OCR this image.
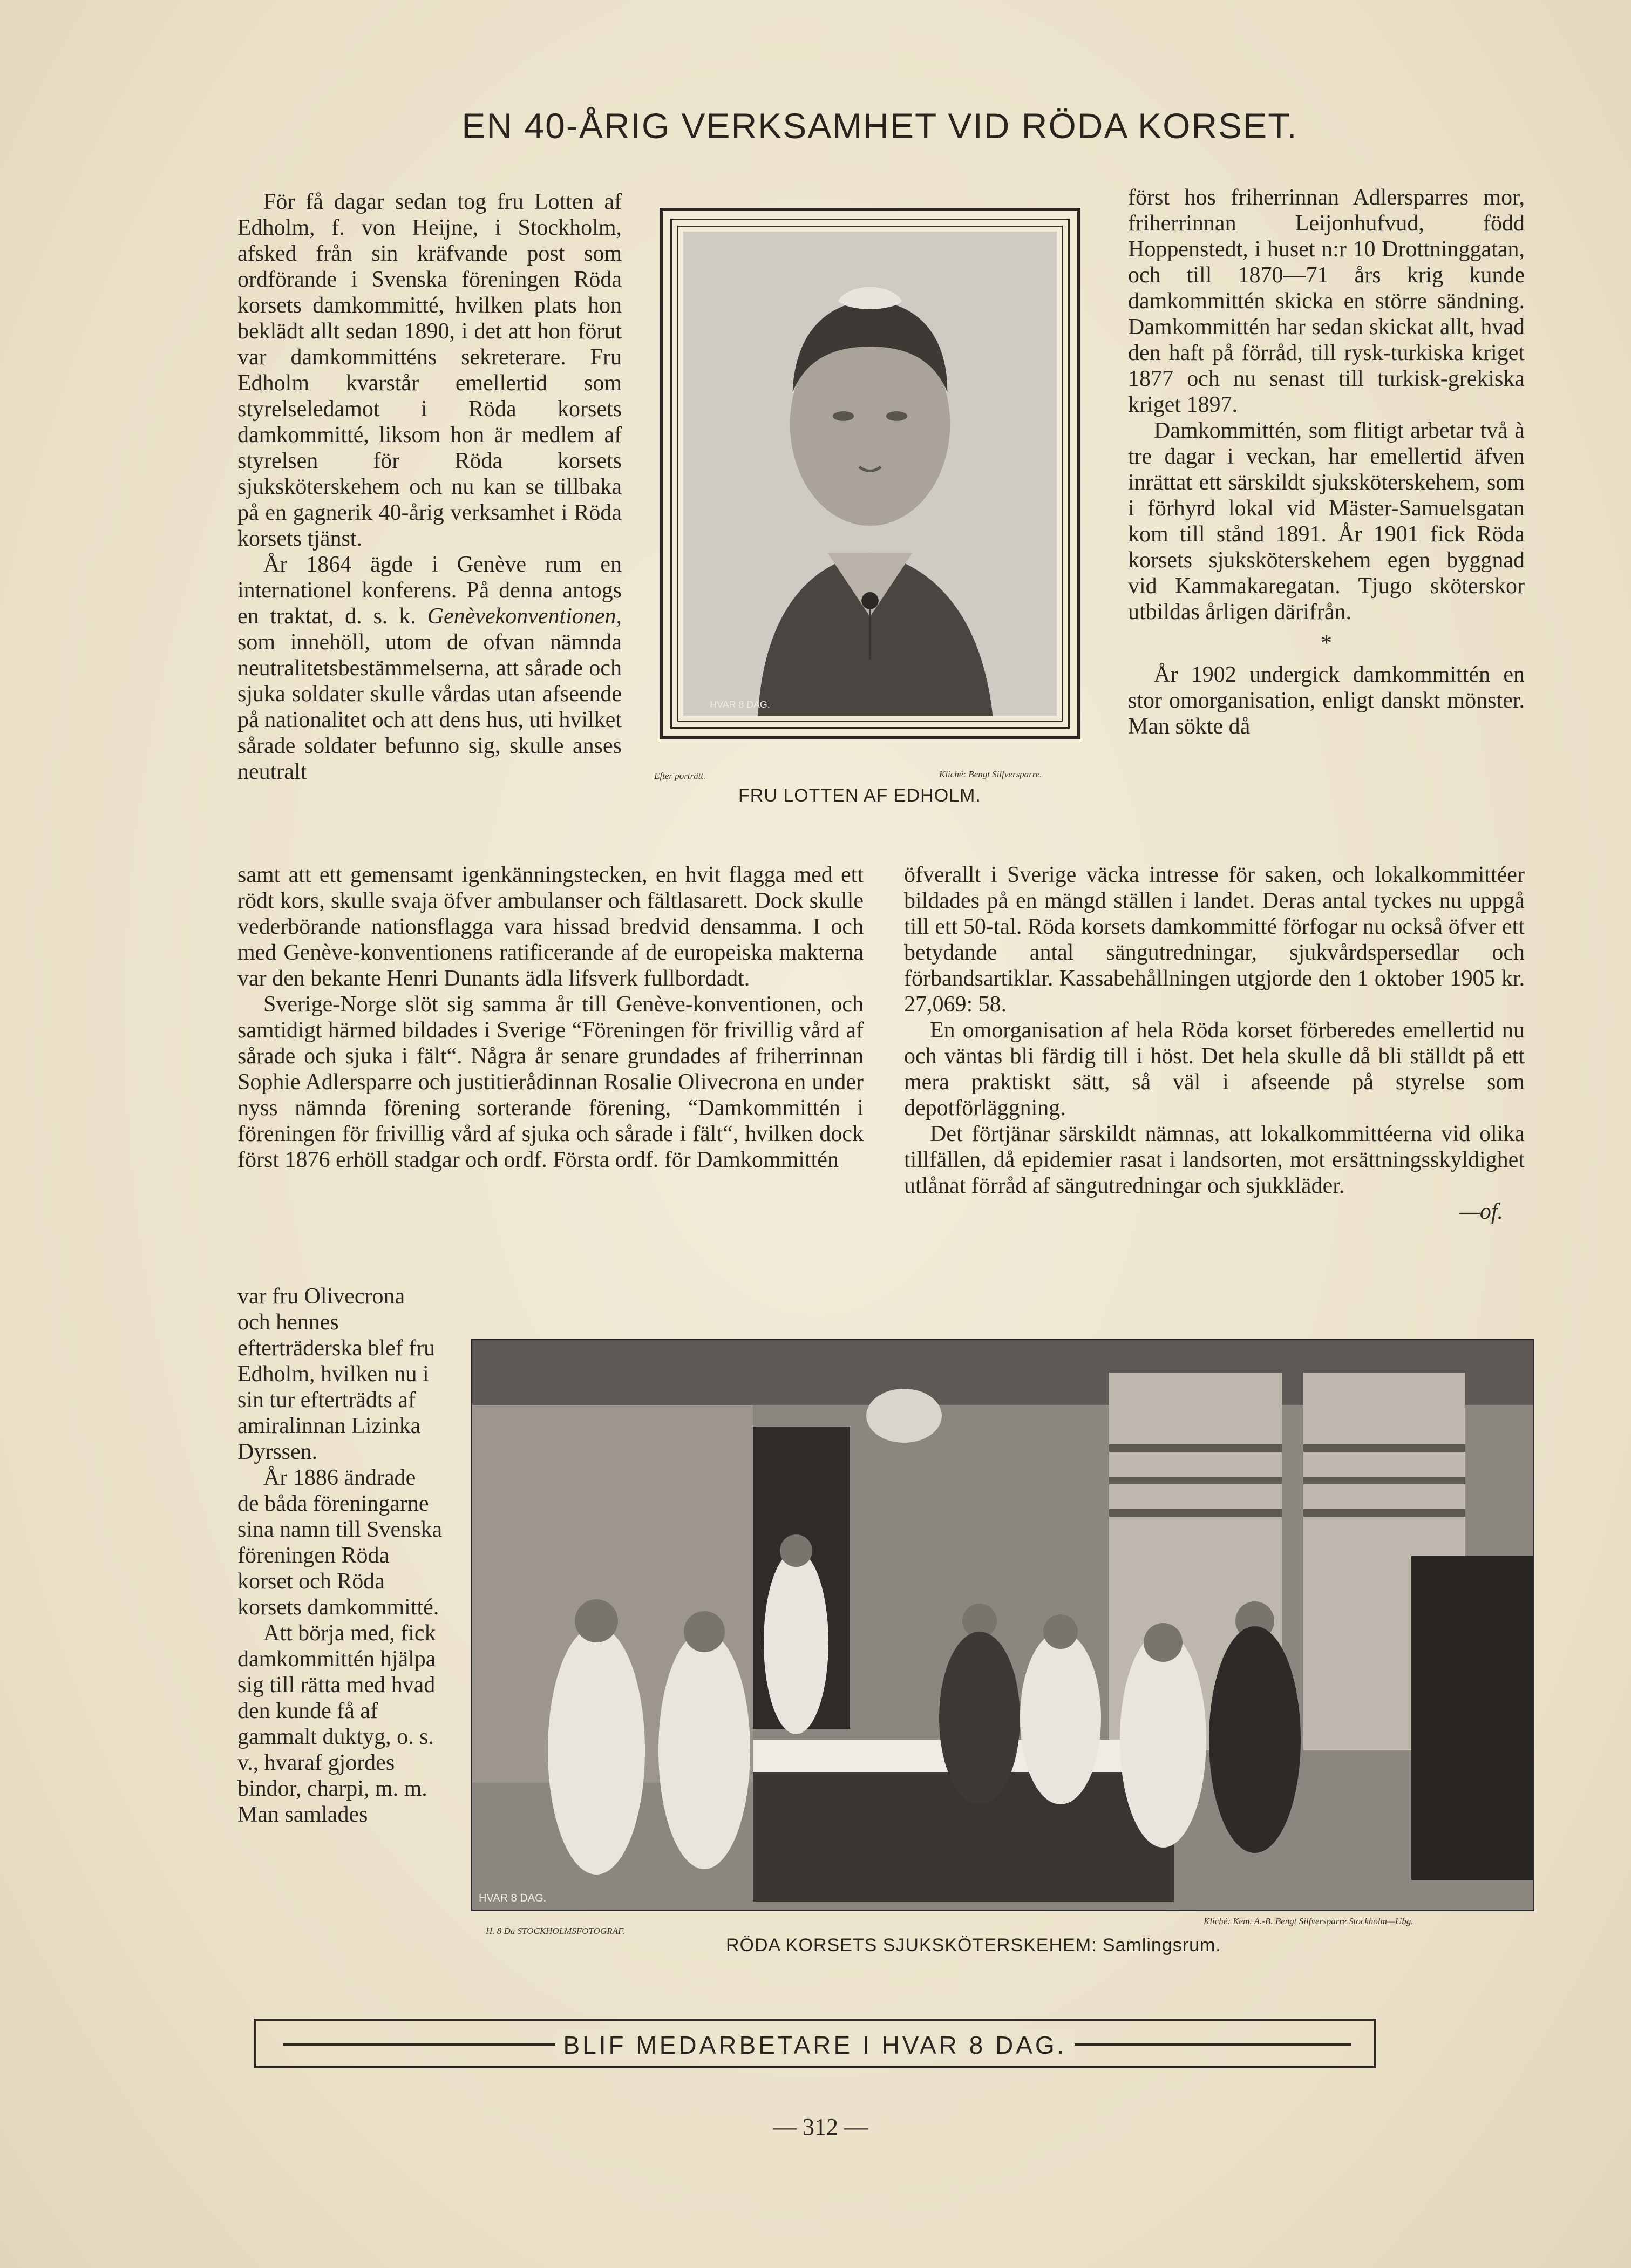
EN 40-ÅRIG VERKSAMHET VID RÖDA KORSET.

För få dagar sedan tog fru Lotten af Edholm, f. von Heijne, i Stockholm, afsked från sin kräfvande post som ordförande i Svenska föreningen Röda korsets damkommitté, hvilken plats hon beklädt allt sedan 1890, i det att hon förut var damkommitténs sekreterare. Fru Edholm kvarstår emellertid som styrelseledamot i Röda korsets damkommitté, liksom hon är medlem af styrelsen för Röda korsets sjuksköterskehem och nu kan se tillbaka på en gagnerik 40-årig verksamhet i Röda korsets tjänst.

År 1864 ägde i Genève rum en internationel konferens. På denna antogs en traktat, d. s. k. Genèvekonventionen, som innehöll, utom de ofvan nämnda neutralitetsbestämmelserna, att sårade och sjuka soldater skulle vårdas utan afseende på nationalitet och att dens hus, uti hvilket sårade soldater befunno sig, skulle anses neutralt

HVAR 8 DAG.
Efter porträtt.	Kliché: Bengt Silfversparre.
FRU LOTTEN AF EDHOLM.

samt att ett gemensamt igenkänningstecken, en hvit flagga med ett rödt kors, skulle svaja öfver ambulanser och fältlasarett. Dock skulle vederbörande nationsflagga vara hissad bredvid densamma. I och med Genève-konventionens ratificerande af de europeiska makterna var den bekante Henri Dunants ädla lifsverk fullbordadt.

Sverige-Norge slöt sig samma år till Genève-konventionen, och samtidigt härmed bildades i Sverige “Föreningen för frivillig vård af sårade och sjuka i fält“. Några år senare grundades af friherrinnan Sophie Adlersparre och justitierådinnan Rosalie Olivecrona en under nyss nämnda förening sorterande förening, “Damkommittén i föreningen för frivillig vård af sjuka och sårade i fält“, hvilken dock först 1876 erhöll stadgar och ordf. Första ordf. för Damkommittén

var fru Olivecrona och hennes efterträderska blef fru Edholm, hvilken nu i sin tur efterträdts af amiralinnan Lizinka Dyrssen.

År 1886 ändrade de båda föreningarne sina namn till Svenska föreningen Röda korset och Röda korsets damkommitté.

Att börja med, fick damkommittén hjälpa sig till rätta med hvad den kunde få af gammalt duktyg, o. s. v., hvaraf gjordes bindor, charpi, m. m. Man samlades

först hos friherrinnan Adlersparres mor, friherrinnan Leijonhufvud, född Hoppenstedt, i huset n:r 10 Drottninggatan, och till 1870—71 års krig kunde damkommittén skicka en större sändning. Damkommittén har sedan skickat allt, hvad den haft på förråd, till rysk-turkiska kriget 1877 och nu senast till turkisk-grekiska kriget 1897.

Damkommittén, som flitigt arbetar två à tre dagar i veckan, har emellertid äfven inrättat ett särskildt sjuksköterskehem, som i förhyrd lokal vid Mäster-Samuelsgatan kom till stånd 1891. År 1901 fick Röda korsets sjuksköterskehem egen byggnad vid Kammakaregatan. Tjugo sköterskor utbildas årligen därifrån.

*

År 1902 undergick damkommittén en stor omorganisation, enligt danskt mönster. Man sökte då

öfverallt i Sverige väcka intresse för saken, och lokalkommittéer bildades på en mängd ställen i landet. Deras antal tyckes nu uppgå till ett 50-tal. Röda korsets damkommitté förfogar nu också öfver ett betydande antal sängutredningar, sjukvårdspersedlar och förbandsartiklar. Kassabehållningen utgjorde den 1 oktober 1905 kr. 27,069: 58.

En omorganisation af hela Röda korset förberedes emellertid nu och väntas bli färdig till i höst. Det hela skulle då bli ställdt på ett mera praktiskt sätt, så väl i afseende på styrelse som depotförläggning.

Det förtjänar särskildt nämnas, att lokalkommittéerna vid olika tillfällen, då epidemier rasat i landsorten, mot ersättningsskyldighet utlånat förråd af sängutredningar och sjukkläder.

—of.

HVAR 8 DAG.
H. 8 Da STOCKHOLMSFOTOGRAF.
Kliché: Kem. A.-B. Bengt Silfversparre Stockholm—Ubg.
RÖDA KORSETS SJUKSKÖTERSKEHEM: Samlingsrum.
BLIF MEDARBETARE I HVAR 8 DAG.
— 312 —
